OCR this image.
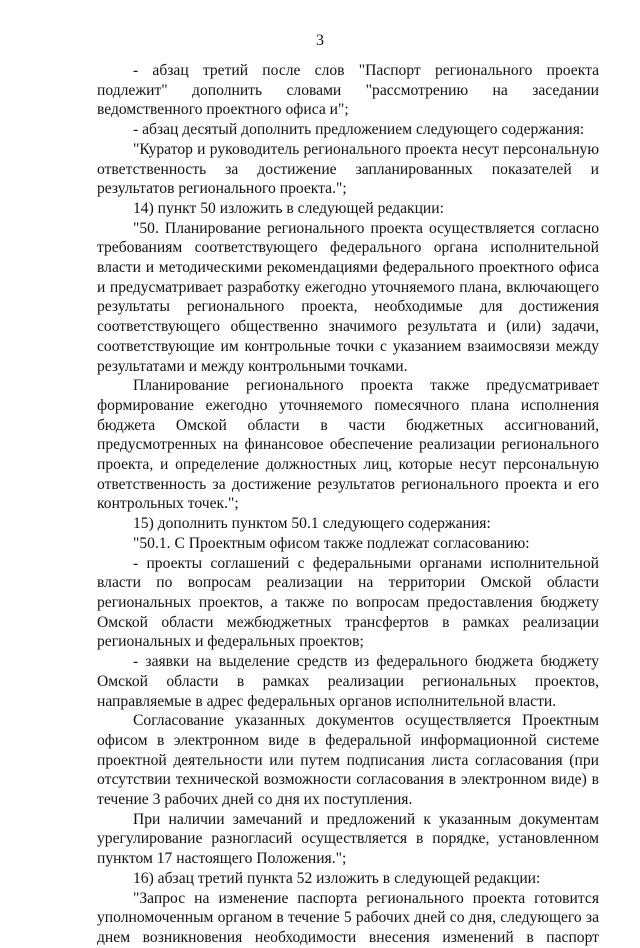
3

- абзац третий после слов "Паспорт регионального проекта подлежит" дополнить словами "рассмотрению на заседании ведомственного проектного офиса и";

- абзац десятый дополнить предложением следующего содержания:

"Куратор и руководитель регионального проекта несут персональную ответственность за достижение запланированных показателей и результатов регионального проекта.";

14) пункт 50 изложить в следующей редакции:

"50. Планирование регионального проекта осуществляется согласно требованиям соответствующего федерального органа исполнительной власти и методическими рекомендациями федерального проектного офиса и предусматривает разработку ежегодно уточняемого плана, включающего результаты регионального проекта, необходимые для достижения соответствующего общественно значимого результата и (или) задачи, соответствующие им контрольные точки с указанием взаимосвязи между результатами и между контрольными точками.

Планирование регионального проекта также предусматривает формирование ежегодно уточняемого помесячного плана исполнения бюджета Омской области в части бюджетных ассигнований, предусмотренных на финансовое обеспечение реализации регионального проекта, и определение должностных лиц, которые несут персональную ответственность за достижение результатов регионального проекта и его контрольных точек.";

15) дополнить пунктом 50.1 следующего содержания:

"50.1. С Проектным офисом также подлежат согласованию:

- проекты соглашений с федеральными органами исполнительной власти по вопросам реализации на территории Омской области региональных проектов, а также по вопросам предоставления бюджету Омской области межбюджетных трансфертов в рамках реализации региональных и федеральных проектов;

- заявки на выделение средств из федерального бюджета бюджету Омской области в рамках реализации региональных проектов, направляемые в адрес федеральных органов исполнительной власти.

Согласование указанных документов осуществляется Проектным офисом в электронном виде в федеральной информационной системе проектной деятельности или путем подписания листа согласования (при отсутствии технической возможности согласования в электронном виде) в течение 3 рабочих дней со дня их поступления.

При наличии замечаний и предложений к указанным документам урегулирование разногласий осуществляется в порядке, установленном пунктом 17 настоящего Положения.";

16) абзац третий пункта 52 изложить в следующей редакции:

"Запрос на изменение паспорта регионального проекта готовится уполномоченным органом в течение 5 рабочих дней со дня, следующего за днем возникновения необходимости внесения изменений в паспорт
